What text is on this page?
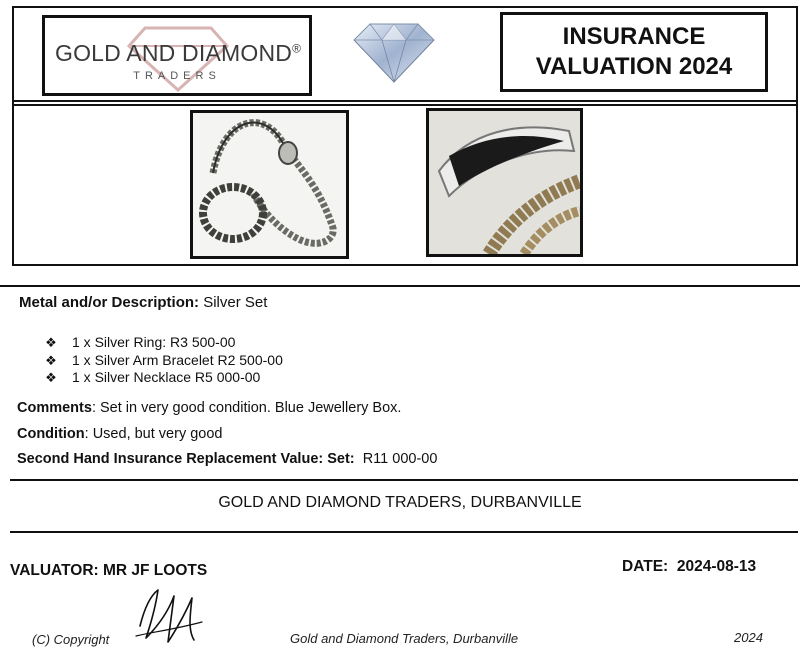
GOLD AND DIAMOND®
TRADERS
INSURANCE
VALUATION 2024
Metal and/or Description: Silver Set
❖ 1 x Silver Ring: R3 500-00
❖ 1 x Silver Arm Bracelet R2 500-00
❖ 1 x Silver Necklace R5 000-00
Comments: Set in very good condition. Blue Jewellery Box.
Condition: Used, but very good
Second Hand Insurance Replacement Value: Set: R11 000-00
GOLD AND DIAMOND TRADERS, DURBANVILLE
VALUATOR: MR JF LOOTS	DATE: 2024-08-13
(C) Copyright	Gold and Diamond Traders, Durbanville	2024
